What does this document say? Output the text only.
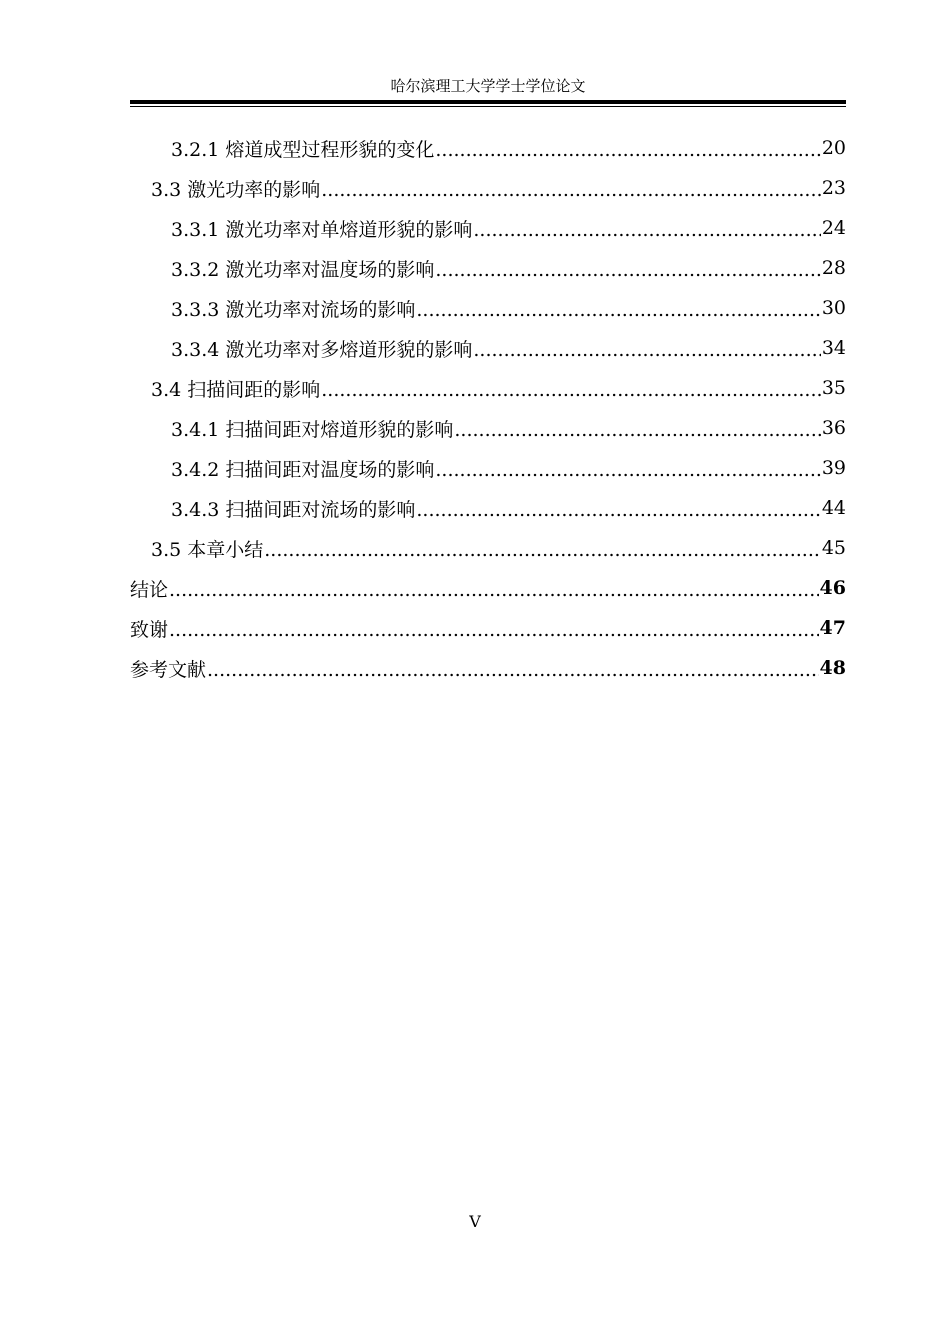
哈尔滨理工大学学士学位论文
3.2.1 熔道成型过程形貌的变化 .....	20
3.3 激光功率的影响 .....	23
3.3.1 激光功率对单熔道形貌的影响 .....	24
3.3.2 激光功率对温度场的影响 .....	28
3.3.3 激光功率对流场的影响 .....	30
3.3.4 激光功率对多熔道形貌的影响 .....	34
3.4 扫描间距的影响 .....	35
3.4.1 扫描间距对熔道形貌的影响 .....	36
3.4.2 扫描间距对温度场的影响 .....	39
3.4.3 扫描间距对流场的影响 .....	44
3.5 本章小结 .....	45
结论 .....	46
致谢 .....	47
参考文献 .....	48
V
